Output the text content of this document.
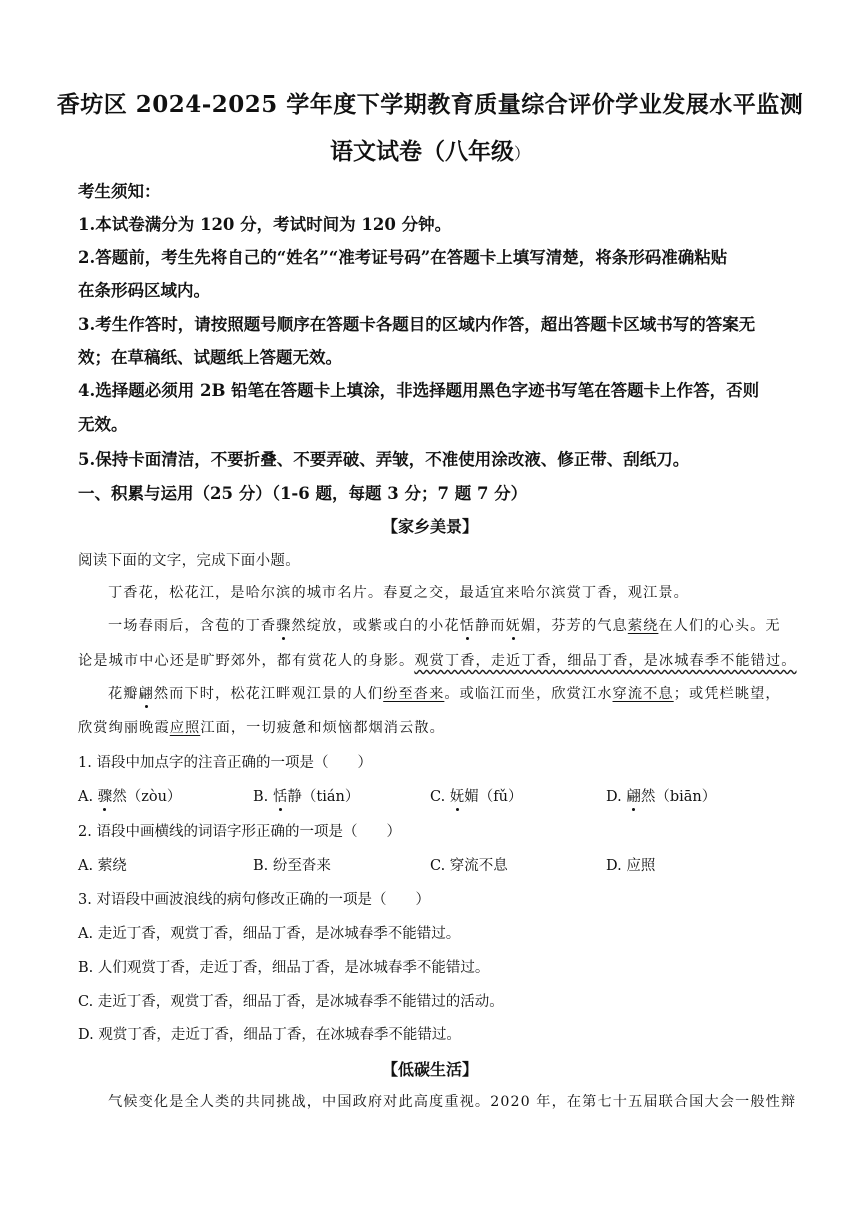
香坊区 2024-2025 学年度下学期教育质量综合评价学业发展水平监测
语文试卷（八年级）
考生须知：
1.本试卷满分为 120 分，考试时间为 120 分钟。
2.答题前，考生先将自己的“姓名”“准考证号码”在答题卡上填写清楚，将条形码准确粘贴
在条形码区域内。
3.考生作答时，请按照题号顺序在答题卡各题目的区域内作答，超出答题卡区域书写的答案无
效；在草稿纸、试题纸上答题无效。
4.选择题必须用 2B 铅笔在答题卡上填涂，非选择题用黑色字迹书写笔在答题卡上作答，否则
无效。
5.保持卡面清洁，不要折叠、不要弄破、弄皱，不准使用涂改液、修正带、刮纸刀。
一、积累与运用（25 分）（1-6 题，每题 3 分；7 题 7 分）
【家乡美景】
阅读下面的文字，完成下面小题。
丁香花，松花江，是哈尔滨的城市名片。春夏之交，最适宜来哈尔滨赏丁香，观江景。
一场春雨后，含苞的丁香骤然绽放，或紫或白的小花恬静而妩媚，芬芳的气息萦绕在人们的心头。无
论是城市中心还是旷野郊外，都有赏花人的身影。观赏丁香，走近丁香，细品丁香，是冰城春季不能错过。
花瓣翩然而下时，松花江畔观江景的人们纷至沓来。或临江而坐，欣赏江水穿流不息；或凭栏眺望，
欣赏绚丽晚霞应照江面，一切疲惫和烦恼都烟消云散。
1. 语段中加点字的注音正确的一项是（　　）
A. 骤然（zòu）	B. 恬静（tián）	C. 妩媚（fǔ）	D. 翩然（biān）
2. 语段中画横线的词语字形正确的一项是（　　）
A. 萦绕	B. 纷至沓来	C. 穿流不息	D. 应照
3. 对语段中画波浪线的病句修改正确的一项是（　　）
A. 走近丁香，观赏丁香，细品丁香，是冰城春季不能错过。
B. 人们观赏丁香，走近丁香，细品丁香，是冰城春季不能错过。
C. 走近丁香，观赏丁香，细品丁香，是冰城春季不能错过的活动。
D. 观赏丁香，走近丁香，细品丁香，在冰城春季不能错过。
【低碳生活】
气候变化是全人类的共同挑战，中国政府对此高度重视。2020 年，在第七十五届联合国大会一般性辩
